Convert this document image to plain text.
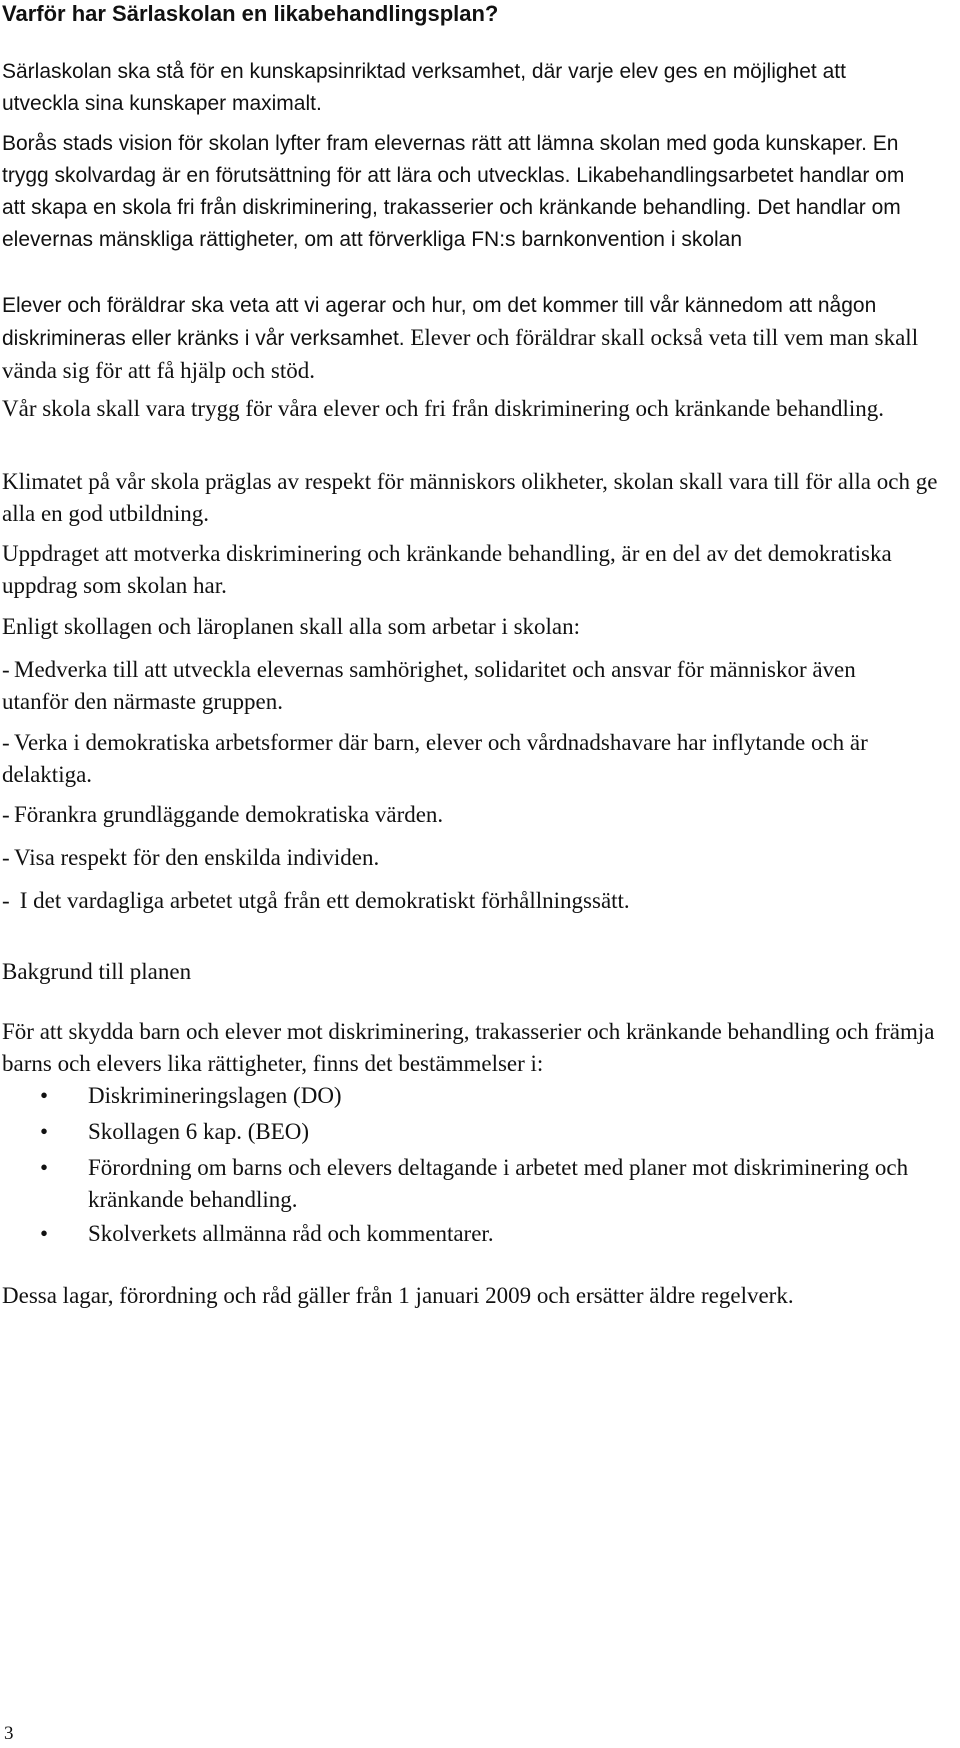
Varför har Särlaskolan en likabehandlingsplan?
Särlaskolan ska stå för en kunskapsinriktad verksamhet, där varje elev ges en möjlighet att utveckla sina kunskaper maximalt.
Borås stads vision för skolan lyfter fram elevernas rätt att lämna skolan med goda kunskaper. En trygg skolvardag är en förutsättning för att lära och utvecklas. Likabehandlingsarbetet handlar om att skapa en skola fri från diskriminering, trakasserier och kränkande behandling. Det handlar om elevernas mänskliga rättigheter, om att förverkliga FN:s barnkonvention i skolan
Elever och föräldrar ska veta att vi agerar och hur, om det kommer till vår kännedom att någon diskrimineras eller kränks i vår verksamhet. Elever och föräldrar skall också veta till vem man skall vända sig för att få hjälp och stöd.
Vår skola skall vara trygg för våra elever och fri från diskriminering och kränkande behandling.
Klimatet på vår skola präglas av respekt för människors olikheter, skolan skall vara till för alla och ge alla en god utbildning.
Uppdraget att motverka diskriminering och kränkande behandling, är en del av det demokratiska uppdrag som skolan har.
Enligt skollagen och läroplanen skall alla som arbetar i skolan:
- Medverka till att utveckla elevernas samhörighet, solidaritet och ansvar för människor även utanför den närmaste gruppen.
- Verka i demokratiska arbetsformer där barn, elever och vårdnadshavare har inflytande och är delaktiga.
- Förankra grundläggande demokratiska värden.
- Visa respekt för den enskilda individen.
- I det vardagliga arbetet utgå från ett demokratiskt förhållningssätt.
Bakgrund till planen
För att skydda barn och elever mot diskriminering, trakasserier och kränkande behandling och främja barns och elevers lika rättigheter, finns det bestämmelser i:
• Diskrimineringslagen (DO)
• Skollagen 6 kap. (BEO)
• Förordning om barns och elevers deltagande i arbetet med planer mot diskriminering och kränkande behandling.
• Skolverkets allmänna råd och kommentarer.
Dessa lagar, förordning och råd gäller från 1 januari 2009 och ersätter äldre regelverk.
3
